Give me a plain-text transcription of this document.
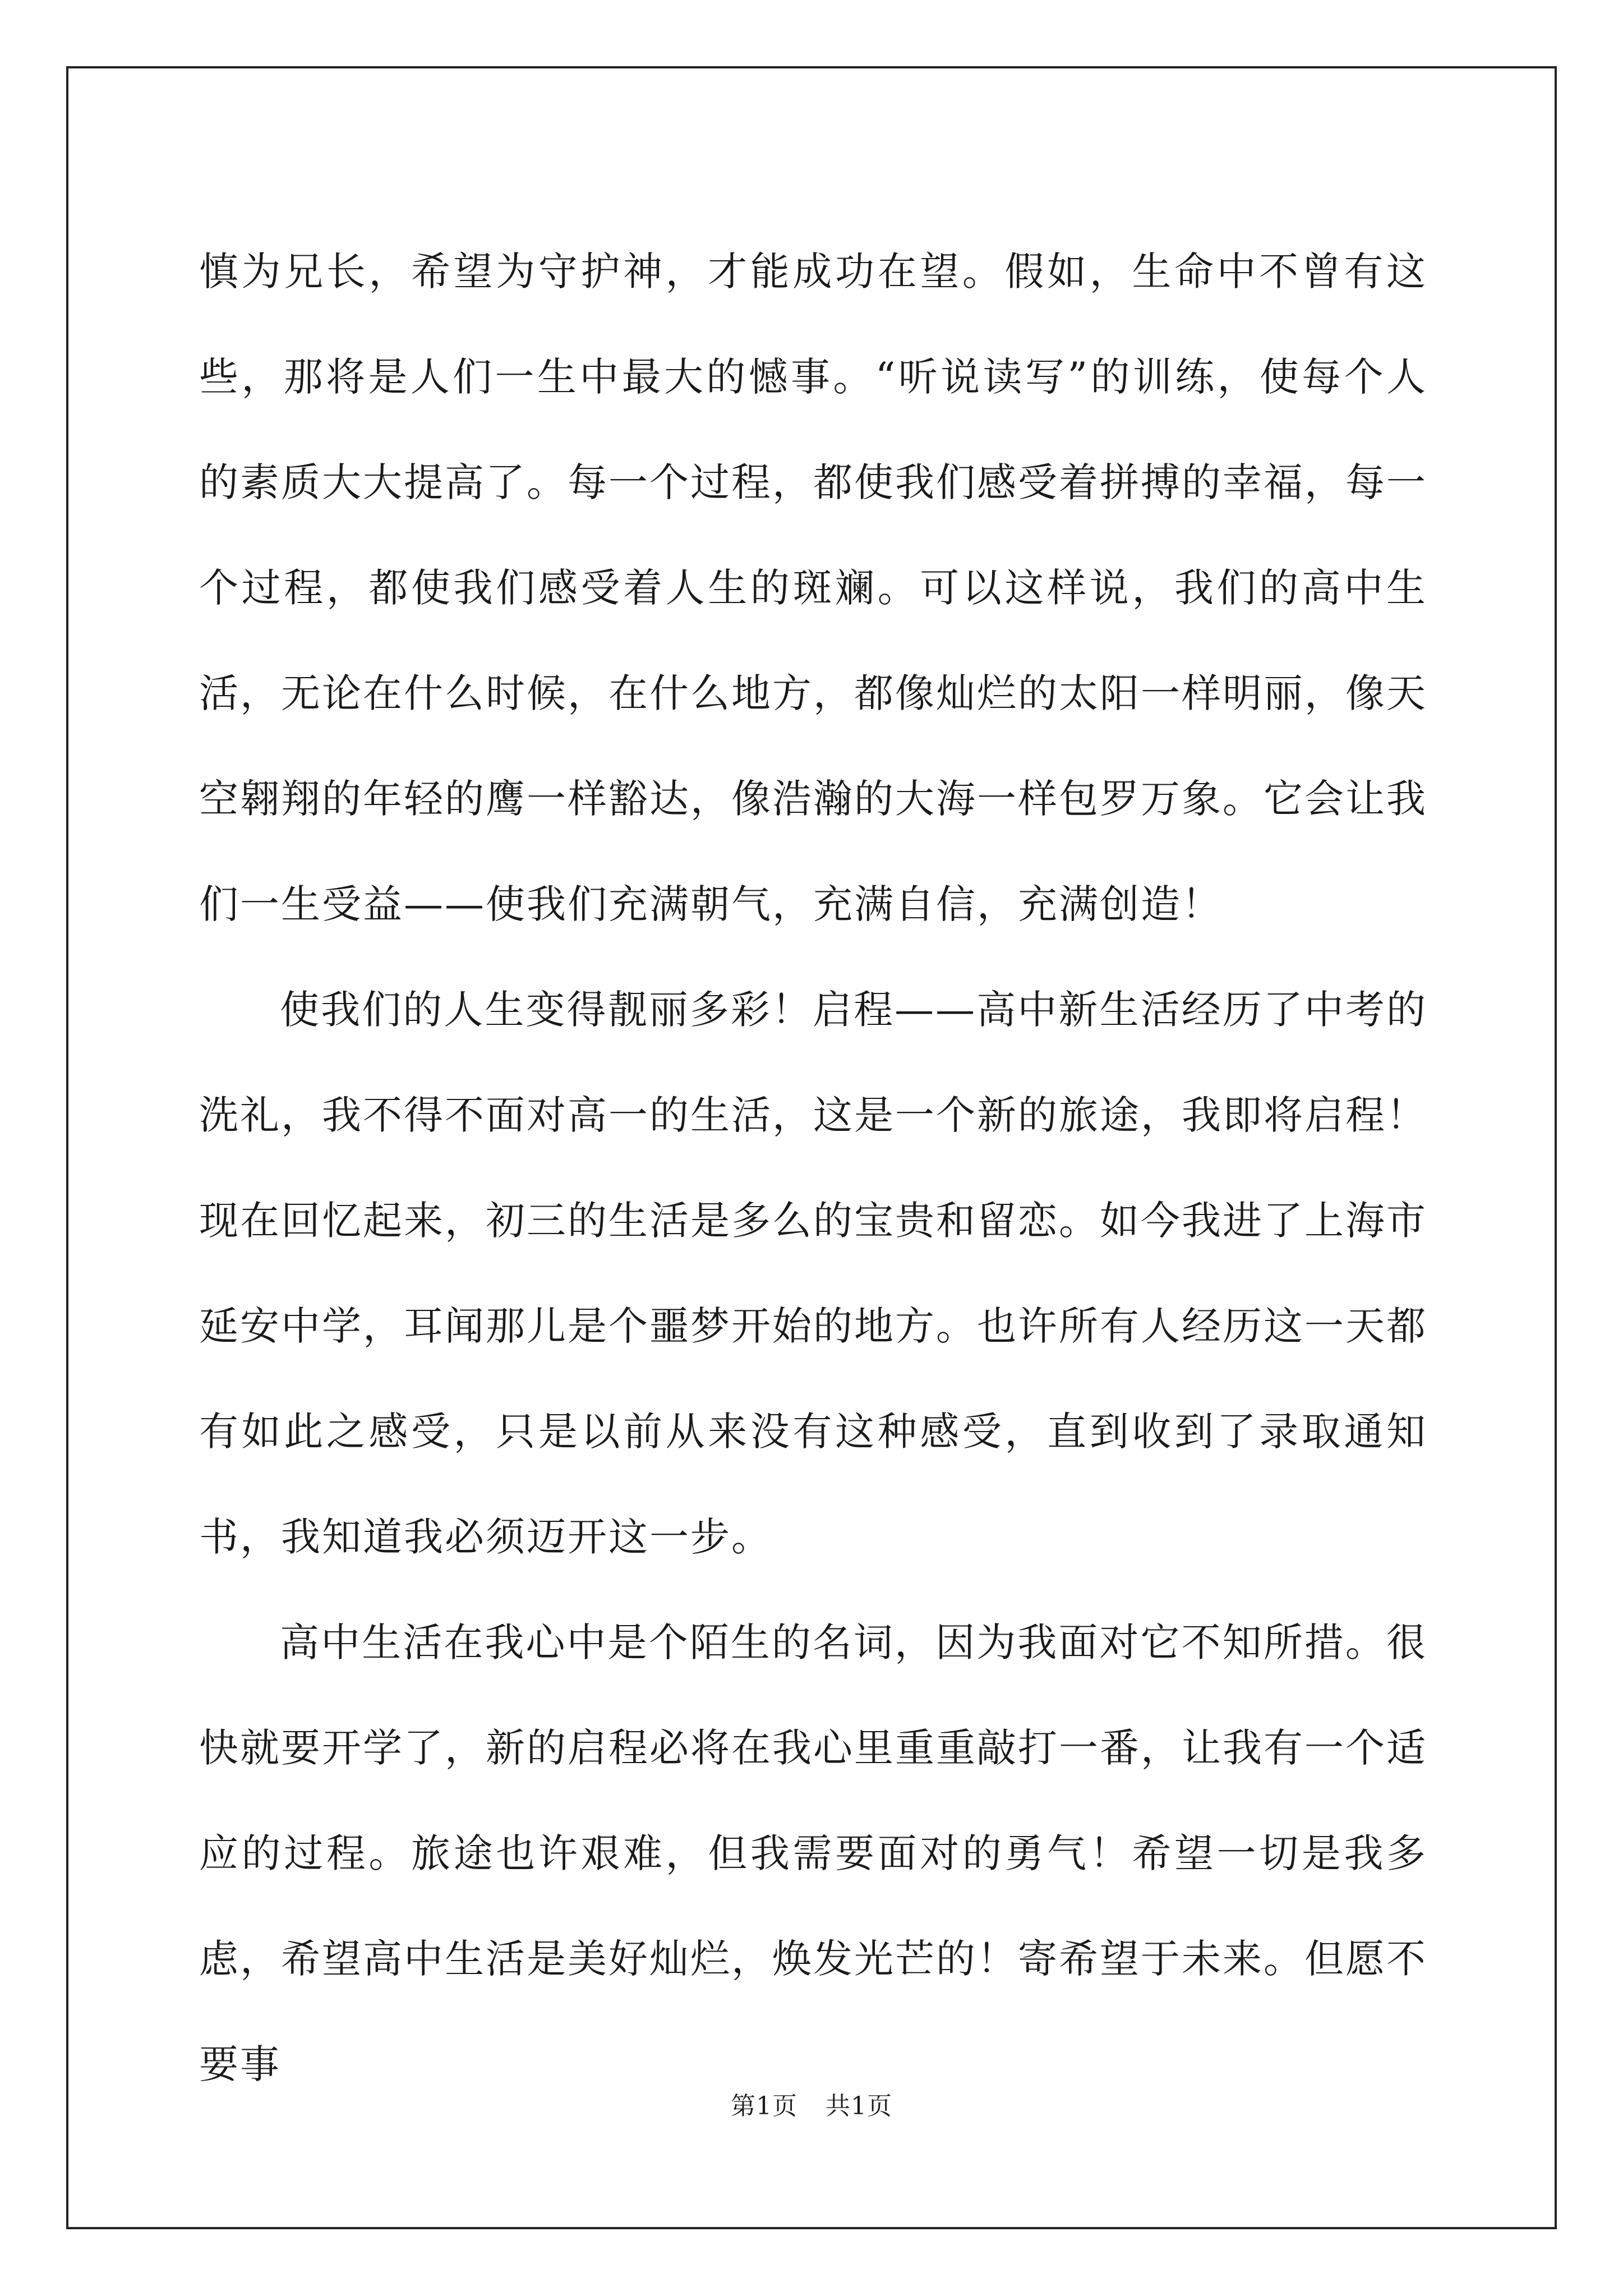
慎为兄长，希望为守护神，才能成功在望。假如，生命中不曾有这些，那将是人们一生中最大的憾事。“听说读写”的训练，使每个人的素质大大提高了。每一个过程，都使我们感受着拼搏的幸福，每一个过程，都使我们感受着人生的斑斓。可以这样说，我们的高中生活，无论在什么时候，在什么地方，都像灿烂的太阳一样明丽，像天空翱翔的年轻的鹰一样豁达，像浩瀚的大海一样包罗万象。它会让我们一生受益——使我们充满朝气，充满自信，充满创造！

使我们的人生变得靓丽多彩！启程——高中新生活经历了中考的洗礼，我不得不面对高一的生活，这是一个新的旅途，我即将启程！现在回忆起来，初三的生活是多么的宝贵和留恋。如今我进了上海市延安中学，耳闻那儿是个噩梦开始的地方。也许所有人经历这一天都有如此之感受，只是以前从来没有这种感受，直到收到了录取通知书，我知道我必须迈开这一步。

高中生活在我心中是个陌生的名词，因为我面对它不知所措。很快就要开学了，新的启程必将在我心里重重敲打一番，让我有一个适应的过程。旅途也许艰难，但我需要面对的勇气！希望一切是我多虑，希望高中生活是美好灿烂，焕发光芒的！寄希望于未来。但愿不要事

第1页 共1页
